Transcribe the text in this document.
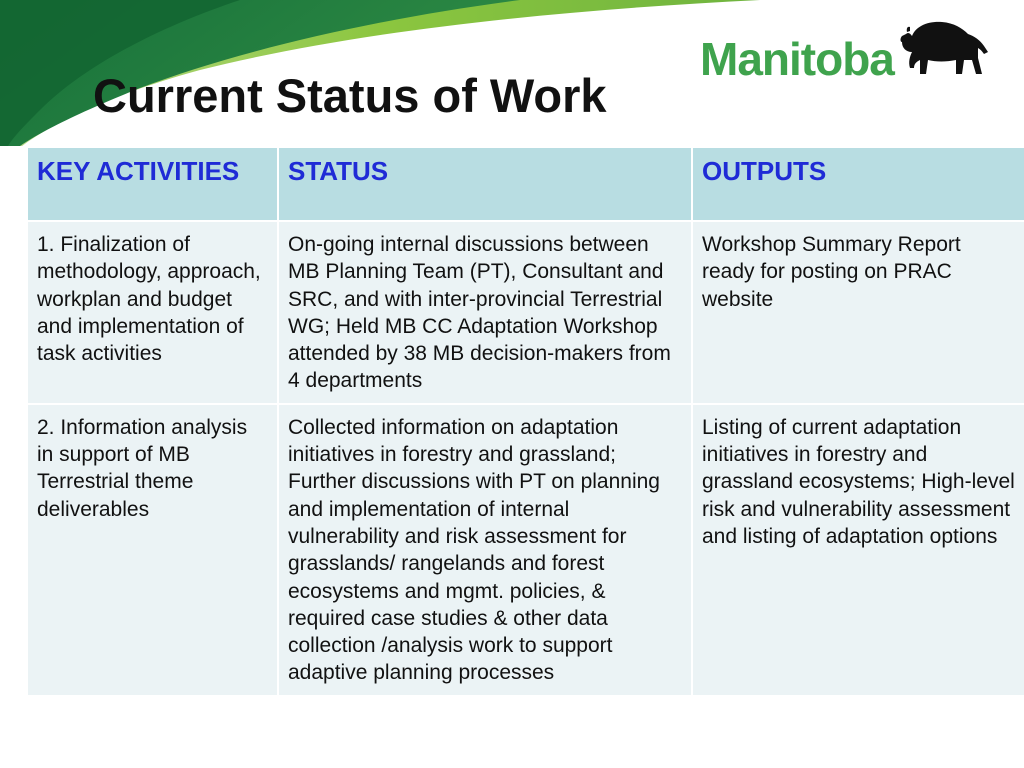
Current Status of Work
Manitoba
KEY ACTIVITIES	STATUS	OUTPUTS
1. Finalization of methodology, approach, workplan and budget and implementation of task activities	On-going internal discussions between MB Planning Team (PT), Consultant and SRC, and with inter-provincial Terrestrial WG; Held MB CC Adaptation Workshop attended by 38 MB decision-makers from 4 departments	Workshop Summary Report ready for posting on PRAC website
2. Information analysis in support of MB Terrestrial theme deliverables	Collected information on adaptation initiatives in forestry and grassland; Further discussions with PT on planning and implementation of internal vulnerability and risk assessment for grasslands/ rangelands and forest ecosystems and mgmt. policies, & required case studies & other data collection /analysis work to support adaptive planning processes	Listing of current adaptation initiatives in forestry and grassland ecosystems; High-level risk and vulnerability assessment and listing of adaptation options
